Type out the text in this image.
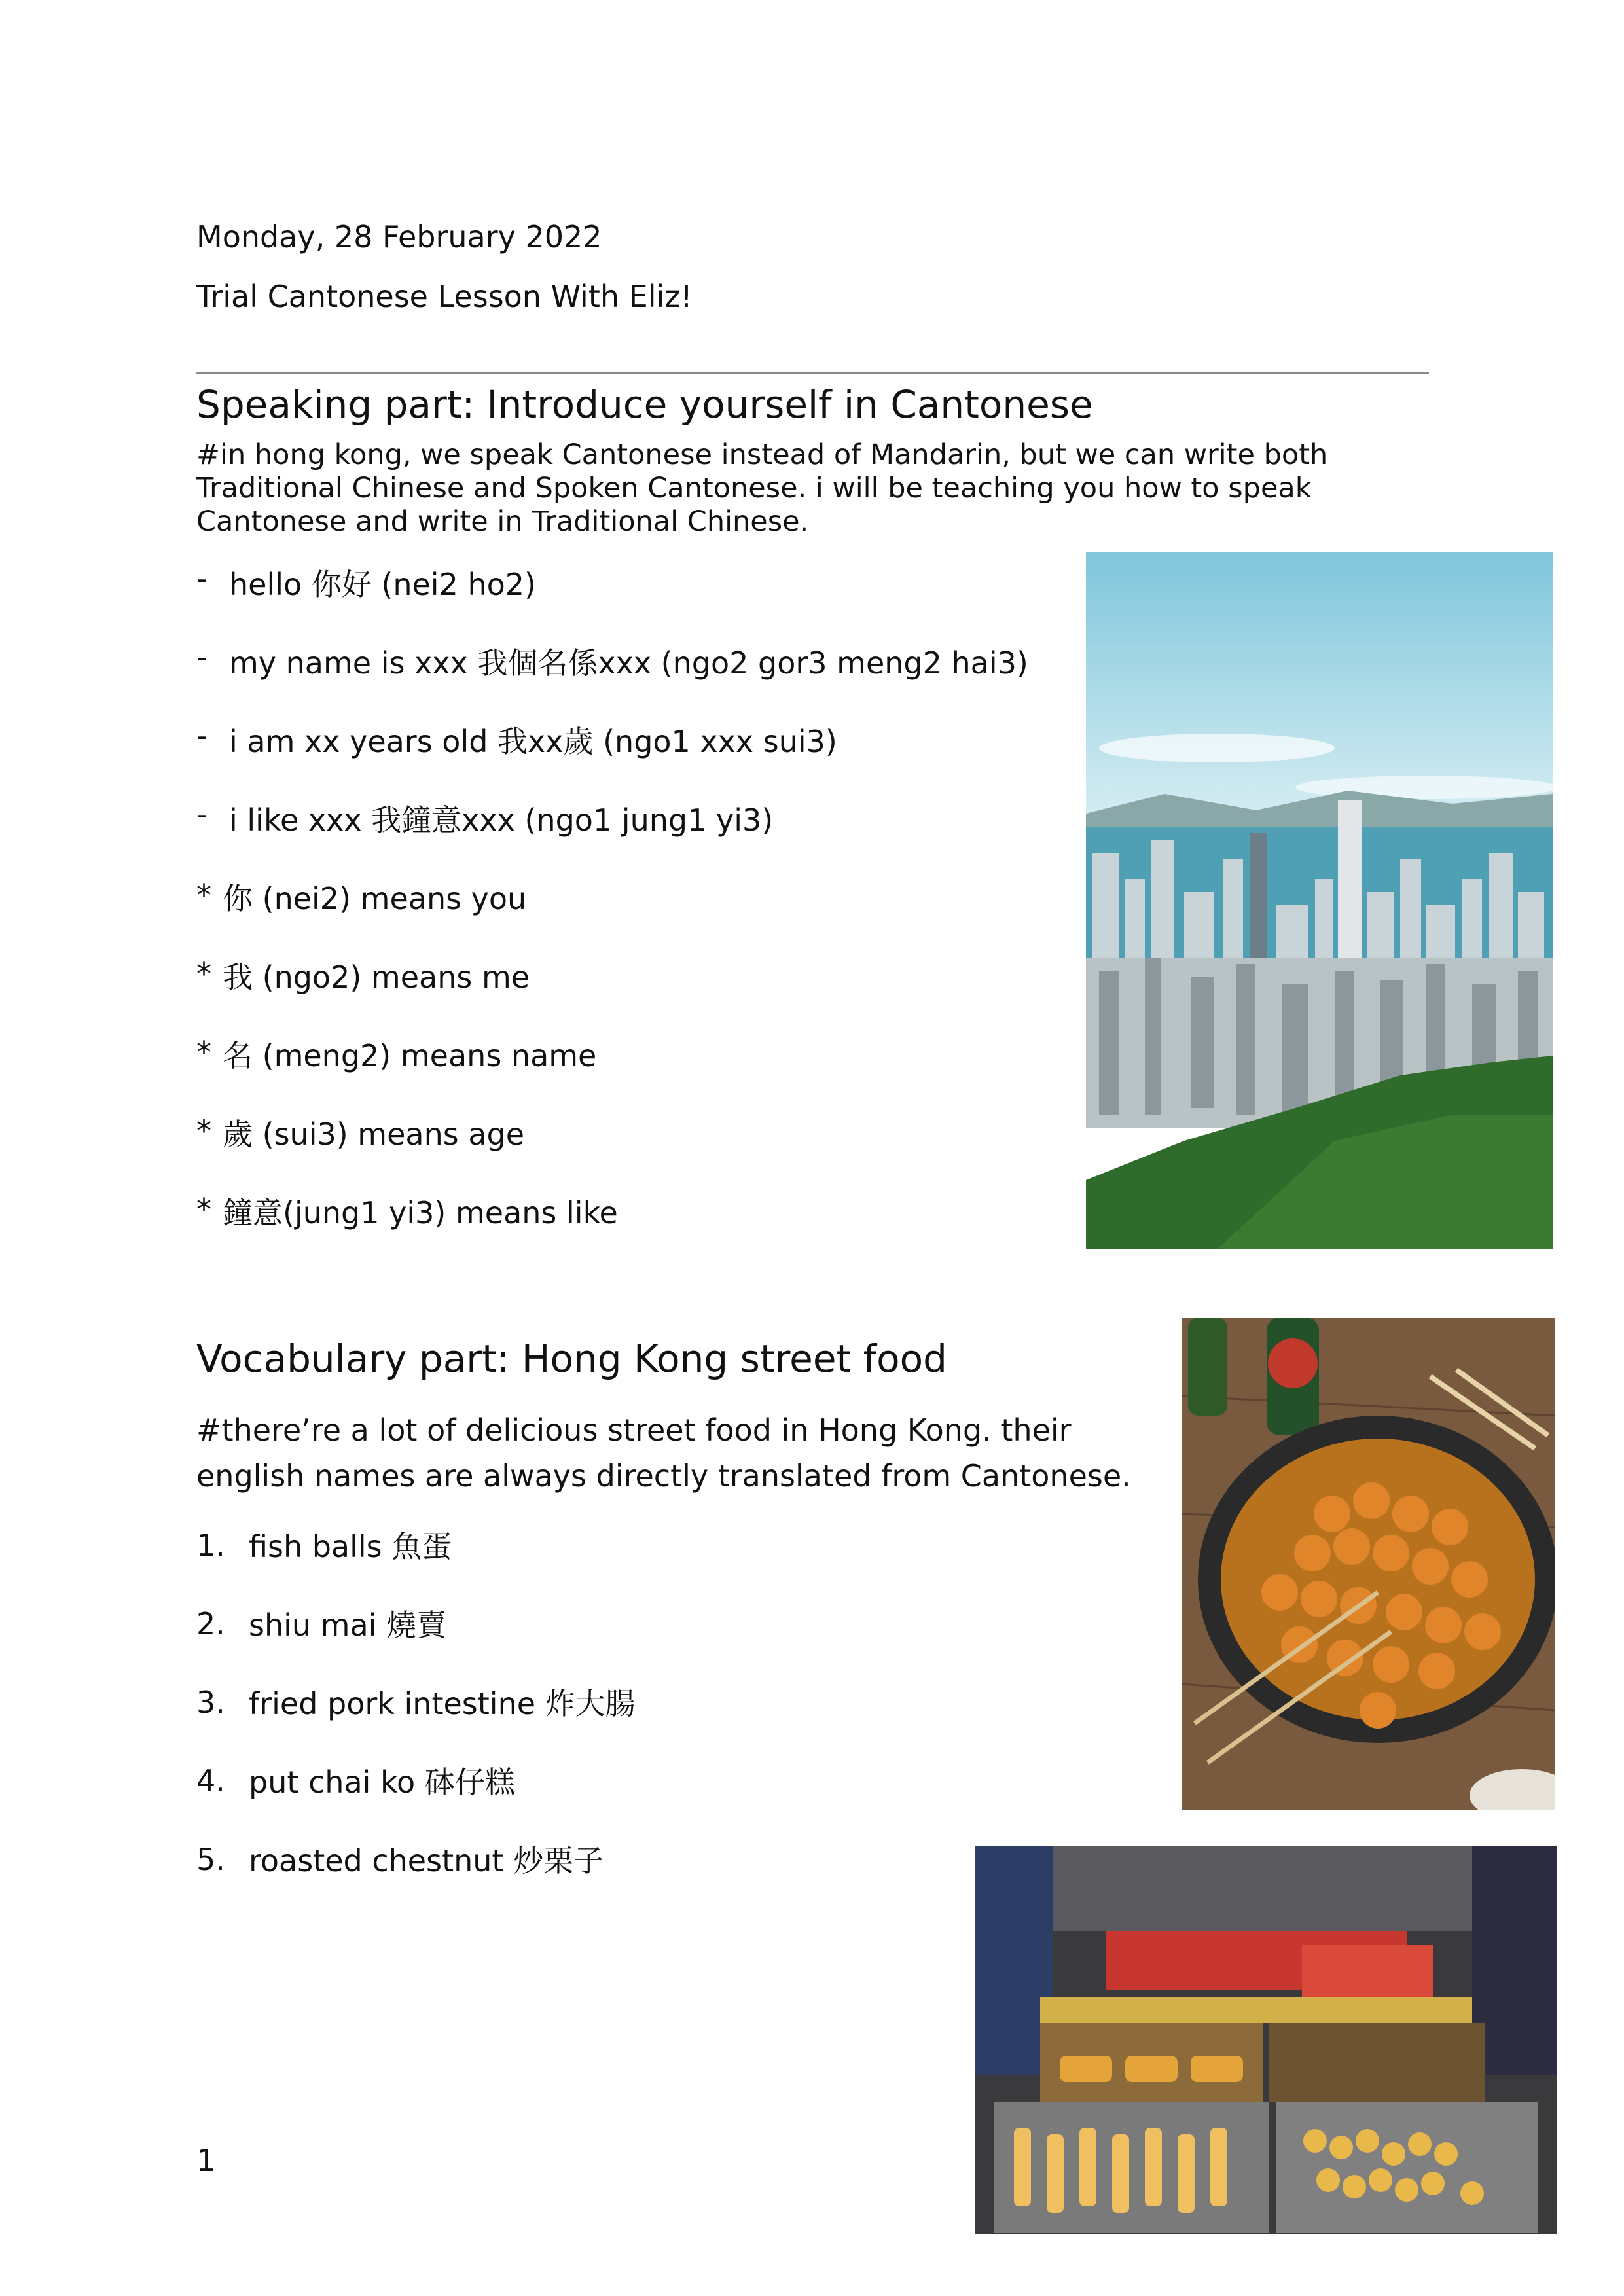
Monday, 28 February 2022
Trial Cantonese Lesson With Eliz!
Speaking part: Introduce yourself in Cantonese
#in hong kong, we speak Cantonese instead of Mandarin, but we can write both Traditional Chinese and Spoken Cantonese. i will be teaching you how to speak Cantonese and write in Traditional Chinese.
- hello 你好 (nei2 ho2)
- my name is xxx 我個名係xxx (ngo2 gor3 meng2 hai3)
- i am xx years old 我xx歲 (ngo1 xxx sui3)
- i like xxx 我鐘意xxx (ngo1 jung1 yi3)
* 你 (nei2) means you
* 我 (ngo2) means me
* 名 (meng2) means name
* 歲 (sui3) means age
* 鐘意(jung1 yi3) means like
Vocabulary part: Hong Kong street food
#there’re a lot of delicious street food in Hong Kong. their english names are always directly translated from Cantonese.
1. fish balls 魚蛋
2. shiu mai 燒賣
3. fried pork intestine 炸大腸
4. put chai ko 砵仔糕
5. roasted chestnut 炒栗子
1
